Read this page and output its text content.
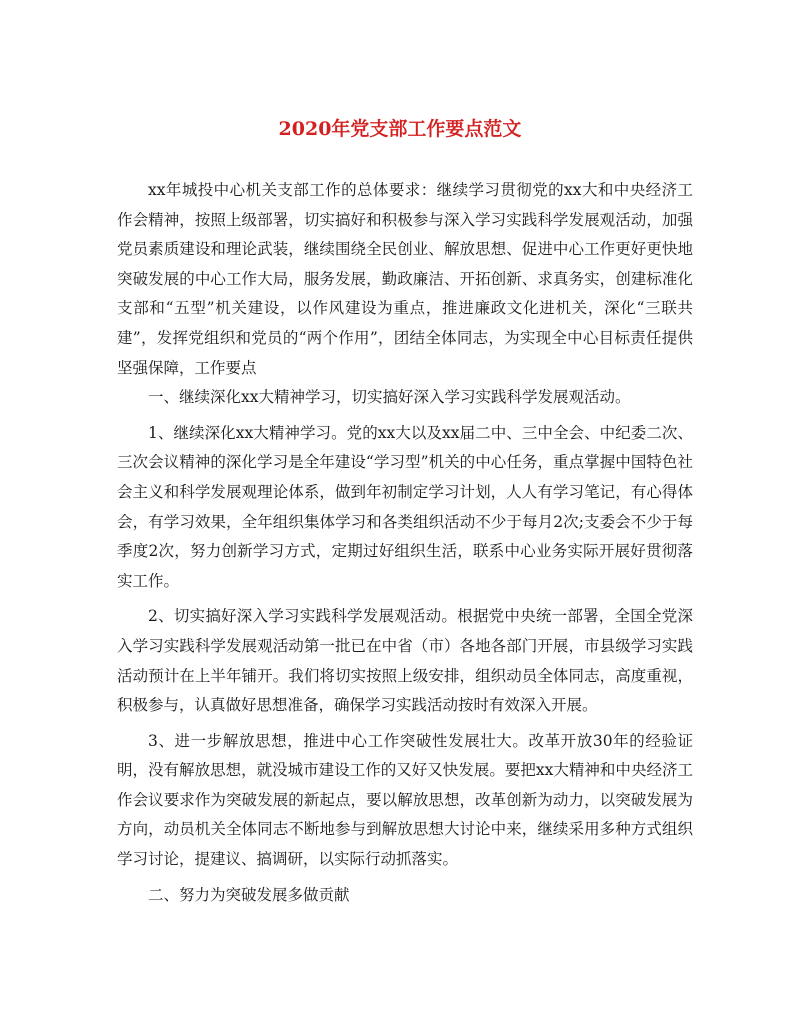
2020年党支部工作要点范文

xx年城投中心机关支部工作的总体要求：继续学习贯彻党的xx大和中央经济工作会精神，按照上级部署，切实搞好和积极参与深入学习实践科学发展观活动，加强党员素质建设和理论武装，继续围绕全民创业、解放思想、促进中心工作更好更快地突破发展的中心工作大局，服务发展，勤政廉洁、开拓创新、求真务实，创建标准化支部和“五型”机关建设，以作风建设为重点，推进廉政文化进机关，深化“三联共建”，发挥党组织和党员的“两个作用”，团结全体同志，为实现全中心目标责任提供坚强保障，工作要点

一、继续深化xx大精神学习，切实搞好深入学习实践科学发展观活动。

1、继续深化xx大精神学习。党的xx大以及xx届二中、三中全会、中纪委二次、三次会议精神的深化学习是全年建设“学习型”机关的中心任务，重点掌握中国特色社会主义和科学发展观理论体系，做到年初制定学习计划，人人有学习笔记，有心得体会，有学习效果，全年组织集体学习和各类组织活动不少于每月2次;支委会不少于每季度2次，努力创新学习方式，定期过好组织生活，联系中心业务实际开展好贯彻落实工作。

2、切实搞好深入学习实践科学发展观活动。根据党中央统一部署，全国全党深入学习实践科学发展观活动第一批已在中省（市）各地各部门开展，市县级学习实践活动预计在上半年铺开。我们将切实按照上级安排，组织动员全体同志，高度重视，积极参与，认真做好思想准备，确保学习实践活动按时有效深入开展。

3、进一步解放思想，推进中心工作突破性发展壮大。改革开放30年的经验证明，没有解放思想，就没城市建设工作的又好又快发展。要把xx大精神和中央经济工作会议要求作为突破发展的新起点，要以解放思想，改革创新为动力，以突破发展为方向，动员机关全体同志不断地参与到解放思想大讨论中来，继续采用多种方式组织学习讨论，提建议、搞调研，以实际行动抓落实。

二、努力为突破发展多做贡献
